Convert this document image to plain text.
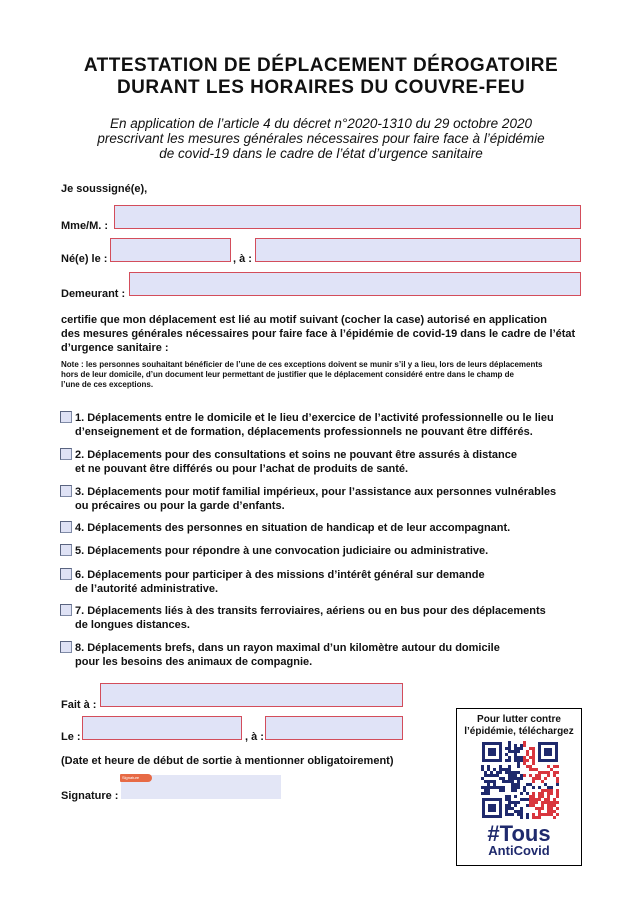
ATTESTATION DE DÉPLACEMENT DÉROGATOIRE
DURANT LES HORAIRES DU COUVRE-FEU
En application de l’article 4 du décret n°2020-1310 du 29 octobre 2020
prescrivant les mesures générales nécessaires pour faire face à l’épidémie
de covid-19 dans le cadre de l’état d’urgence sanitaire
Je soussigné(e),
Mme/M. :
Né(e) le :	, à :
Demeurant :
certifie que mon déplacement est lié au motif suivant (cocher la case) autorisé en application
des mesures générales nécessaires pour faire face à l’épidémie de covid-19 dans le cadre de l’état
d’urgence sanitaire :
Note : les personnes souhaitant bénéficier de l’une de ces exceptions doivent se munir s’il y a lieu, lors de leurs déplacements
hors de leur domicile, d’un document leur permettant de justifier que le déplacement considéré entre dans le champ de
l’une de ces exceptions.
1. Déplacements entre le domicile et le lieu d’exercice de l’activité professionnelle ou le lieu
d’enseignement et de formation, déplacements professionnels ne pouvant être différés.
2. Déplacements pour des consultations et soins ne pouvant être assurés à distance
et ne pouvant être différés ou pour l’achat de produits de santé.
3. Déplacements pour motif familial impérieux, pour l’assistance aux personnes vulnérables
ou précaires ou pour la garde d’enfants.
4. Déplacements des personnes en situation de handicap et de leur accompagnant.
5. Déplacements pour répondre à une convocation judiciaire ou administrative.
6. Déplacements pour participer à des missions d’intérêt général sur demande
de l’autorité administrative.
7. Déplacements liés à des transits ferroviaires, aériens ou en bus pour des déplacements
de longues distances.
8. Déplacements brefs, dans un rayon maximal d’un kilomètre autour du domicile
pour les besoins des animaux de compagnie.
Fait à :
Le :	, à :
(Date et heure de début de sortie à mentionner obligatoirement)
Signature :
Signature
Pour lutter contre
l’épidémie, téléchargez
#Tous
AntiCovid
